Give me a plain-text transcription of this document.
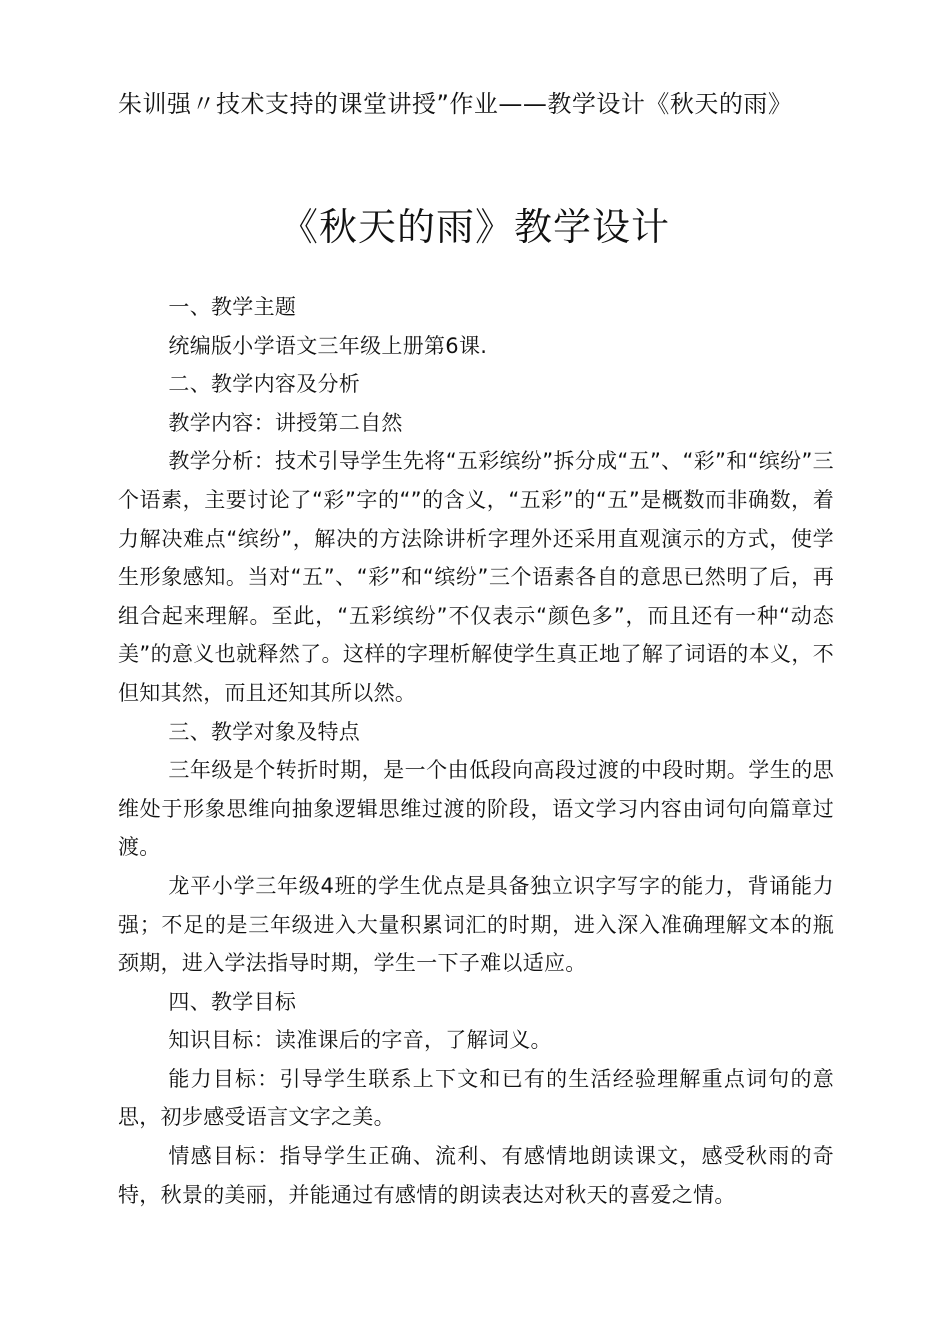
朱训强〃技术支持的课堂讲授”作业——教学设计《秋天的雨》
《秋天的雨》教学设计

一、教学主题

统编版小学语文三年级上册第6课.

二、教学内容及分析

教学内容：讲授第二自然

教学分析：技术引导学生先将“五彩缤纷”拆分成“五”、“彩”和“缤纷”三个语素，主要讨论了“彩”字的“”的含义，“五彩”的“五”是概数而非确数，着力解决难点“缤纷”，解决的方法除讲析字理外还采用直观演示的方式，使学生形象感知。当对“五”、“彩”和“缤纷”三个语素各自的意思已然明了后，再组合起来理解。至此，“五彩缤纷”不仅表示“颜色多”，而且还有一种“动态美”的意义也就释然了。这样的字理析解使学生真正地了解了词语的本义，不但知其然，而且还知其所以然。

三、教学对象及特点

三年级是个转折时期，是一个由低段向高段过渡的中段时期。学生的思维处于形象思维向抽象逻辑思维过渡的阶段，语文学习内容由词句向篇章过渡。

龙平小学三年级4班的学生优点是具备独立识字写字的能力，背诵能力强；不足的是三年级进入大量积累词汇的时期，进入深入准确理解文本的瓶颈期，进入学法指导时期，学生一下子难以适应。

四、教学目标

知识目标：读准课后的字音，了解词义。

能力目标：引导学生联系上下文和已有的生活经验理解重点词句的意思，初步感受语言文字之美。

情感目标：指导学生正确、流利、有感情地朗读课文，感受秋雨的奇特，秋景的美丽，并能通过有感情的朗读表达对秋天的喜爱之情。
